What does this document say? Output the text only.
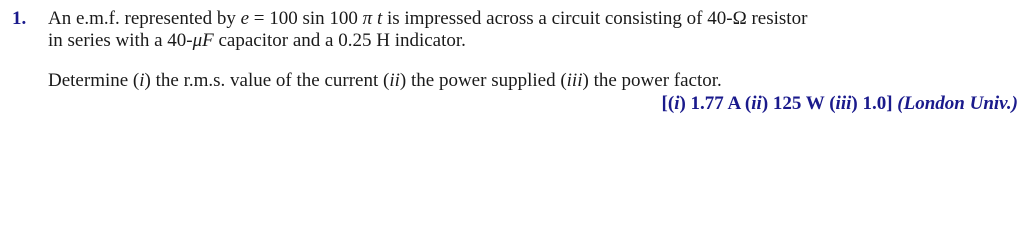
1. An e.m.f. represented by e = 100 sin 100 π t is impressed across a circuit consisting of 40-Ω resistor
in series with a 40-μF capacitor and a 0.25 H indicator.
Determine (i) the r.m.s. value of the current (ii) the power supplied (iii) the power factor.
[(i) 1.77 A (ii) 125 W (iii) 1.0] (London Univ.)
